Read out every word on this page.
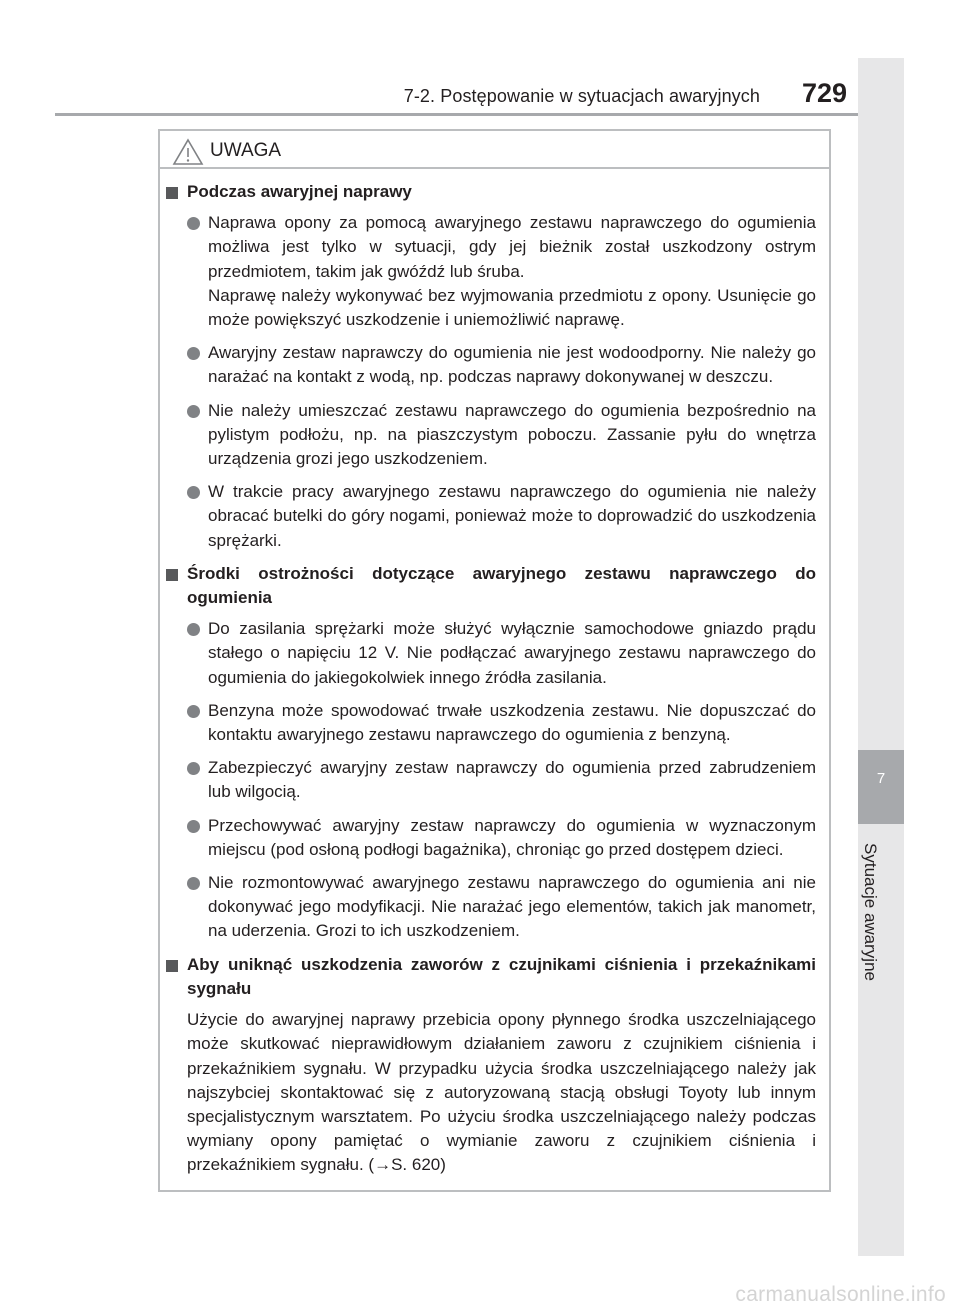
7-2. Postępowanie w sytuacjach awaryjnych 729
7
Sytuacje awaryjne
UWAGA
Podczas awaryjnej naprawy
Naprawa opony za pomocą awaryjnego zestawu naprawczego do ogumienia możliwa jest tylko w sytuacji, gdy jej bieżnik został uszkodzony ostrym przedmiotem, takim jak gwóźdź lub śruba.
Naprawę należy wykonywać bez wyjmowania przedmiotu z opony. Usunięcie go może powiększyć uszkodzenie i uniemożliwić naprawę.
Awaryjny zestaw naprawczy do ogumienia nie jest wodoodporny. Nie należy go narażać na kontakt z wodą, np. podczas naprawy dokonywanej w deszczu.
Nie należy umieszczać zestawu naprawczego do ogumienia bezpośrednio na pylistym podłożu, np. na piaszczystym poboczu. Zassanie pyłu do wnętrza urządzenia grozi jego uszkodzeniem.
W trakcie pracy awaryjnego zestawu naprawczego do ogumienia nie należy obracać butelki do góry nogami, ponieważ może to doprowadzić do uszkodzenia sprężarki.
Środki ostrożności dotyczące awaryjnego zestawu naprawczego do ogumienia
Do zasilania sprężarki może służyć wyłącznie samochodowe gniazdo prądu stałego o napięciu 12 V. Nie podłączać awaryjnego zestawu naprawczego do ogumienia do jakiegokolwiek innego źródła zasilania.
Benzyna może spowodować trwałe uszkodzenia zestawu. Nie dopuszczać do kontaktu awaryjnego zestawu naprawczego do ogumienia z benzyną.
Zabezpieczyć awaryjny zestaw naprawczy do ogumienia przed zabrudzeniem lub wilgocią.
Przechowywać awaryjny zestaw naprawczy do ogumienia w wyznaczonym miejscu (pod osłoną podłogi bagażnika), chroniąc go przed dostępem dzieci.
Nie rozmontowywać awaryjnego zestawu naprawczego do ogumienia ani nie dokonywać jego modyfikacji. Nie narażać jego elementów, takich jak manometr, na uderzenia. Grozi to ich uszkodzeniem.
Aby uniknąć uszkodzenia zaworów z czujnikami ciśnienia i przekaźnikami sygnału
Użycie do awaryjnej naprawy przebicia opony płynnego środka uszczelniającego może skutkować nieprawidłowym działaniem zaworu z czujnikiem ciśnienia i przekaźnikiem sygnału. W przypadku użycia środka uszczelniającego należy jak najszybciej skontaktować się z autoryzowaną stacją obsługi Toyoty lub innym specjalistycznym warsztatem. Po użyciu środka uszczelniającego należy podczas wymiany opony pamiętać o wymianie zaworu z czujnikiem ciśnienia i przekaźnikiem sygnału. (→S. 620)
carmanualsonline.info
